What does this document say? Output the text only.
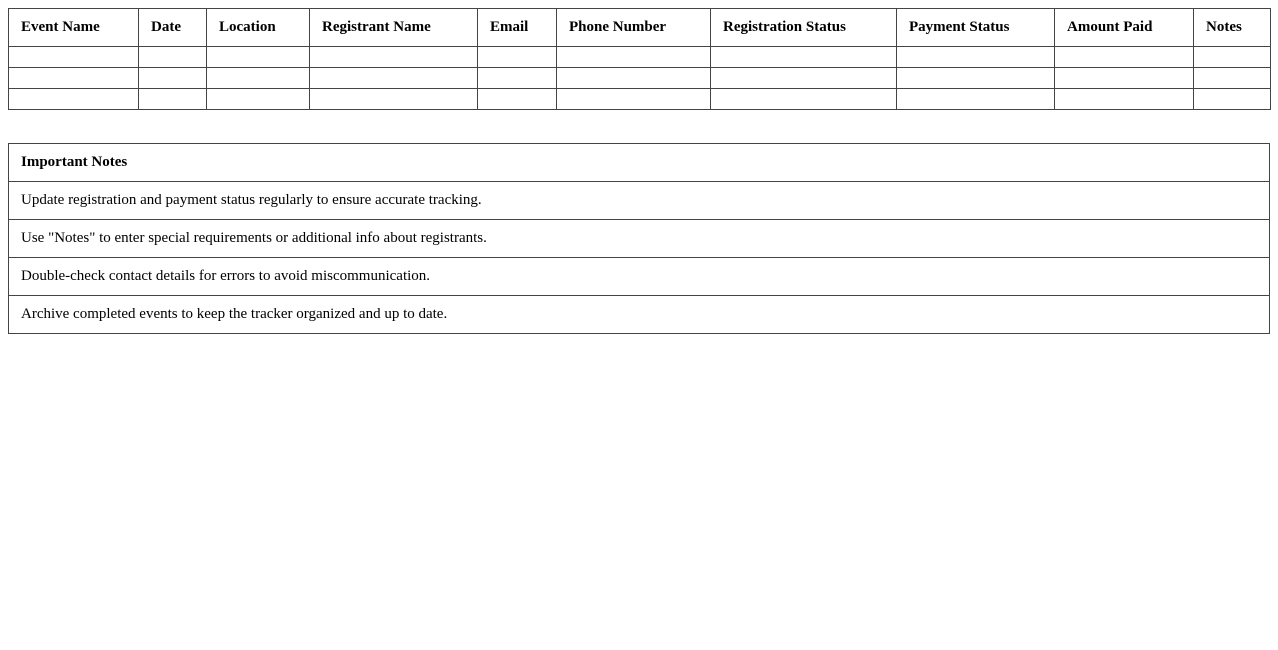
Event Name	Date	Location	Registrant Name	Email	Phone Number	Registration Status	Payment Status	Amount Paid	Notes

Important Notes
Update registration and payment status regularly to ensure accurate tracking.
Use "Notes" to enter special requirements or additional info about registrants.
Double-check contact details for errors to avoid miscommunication.
Archive completed events to keep the tracker organized and up to date.
